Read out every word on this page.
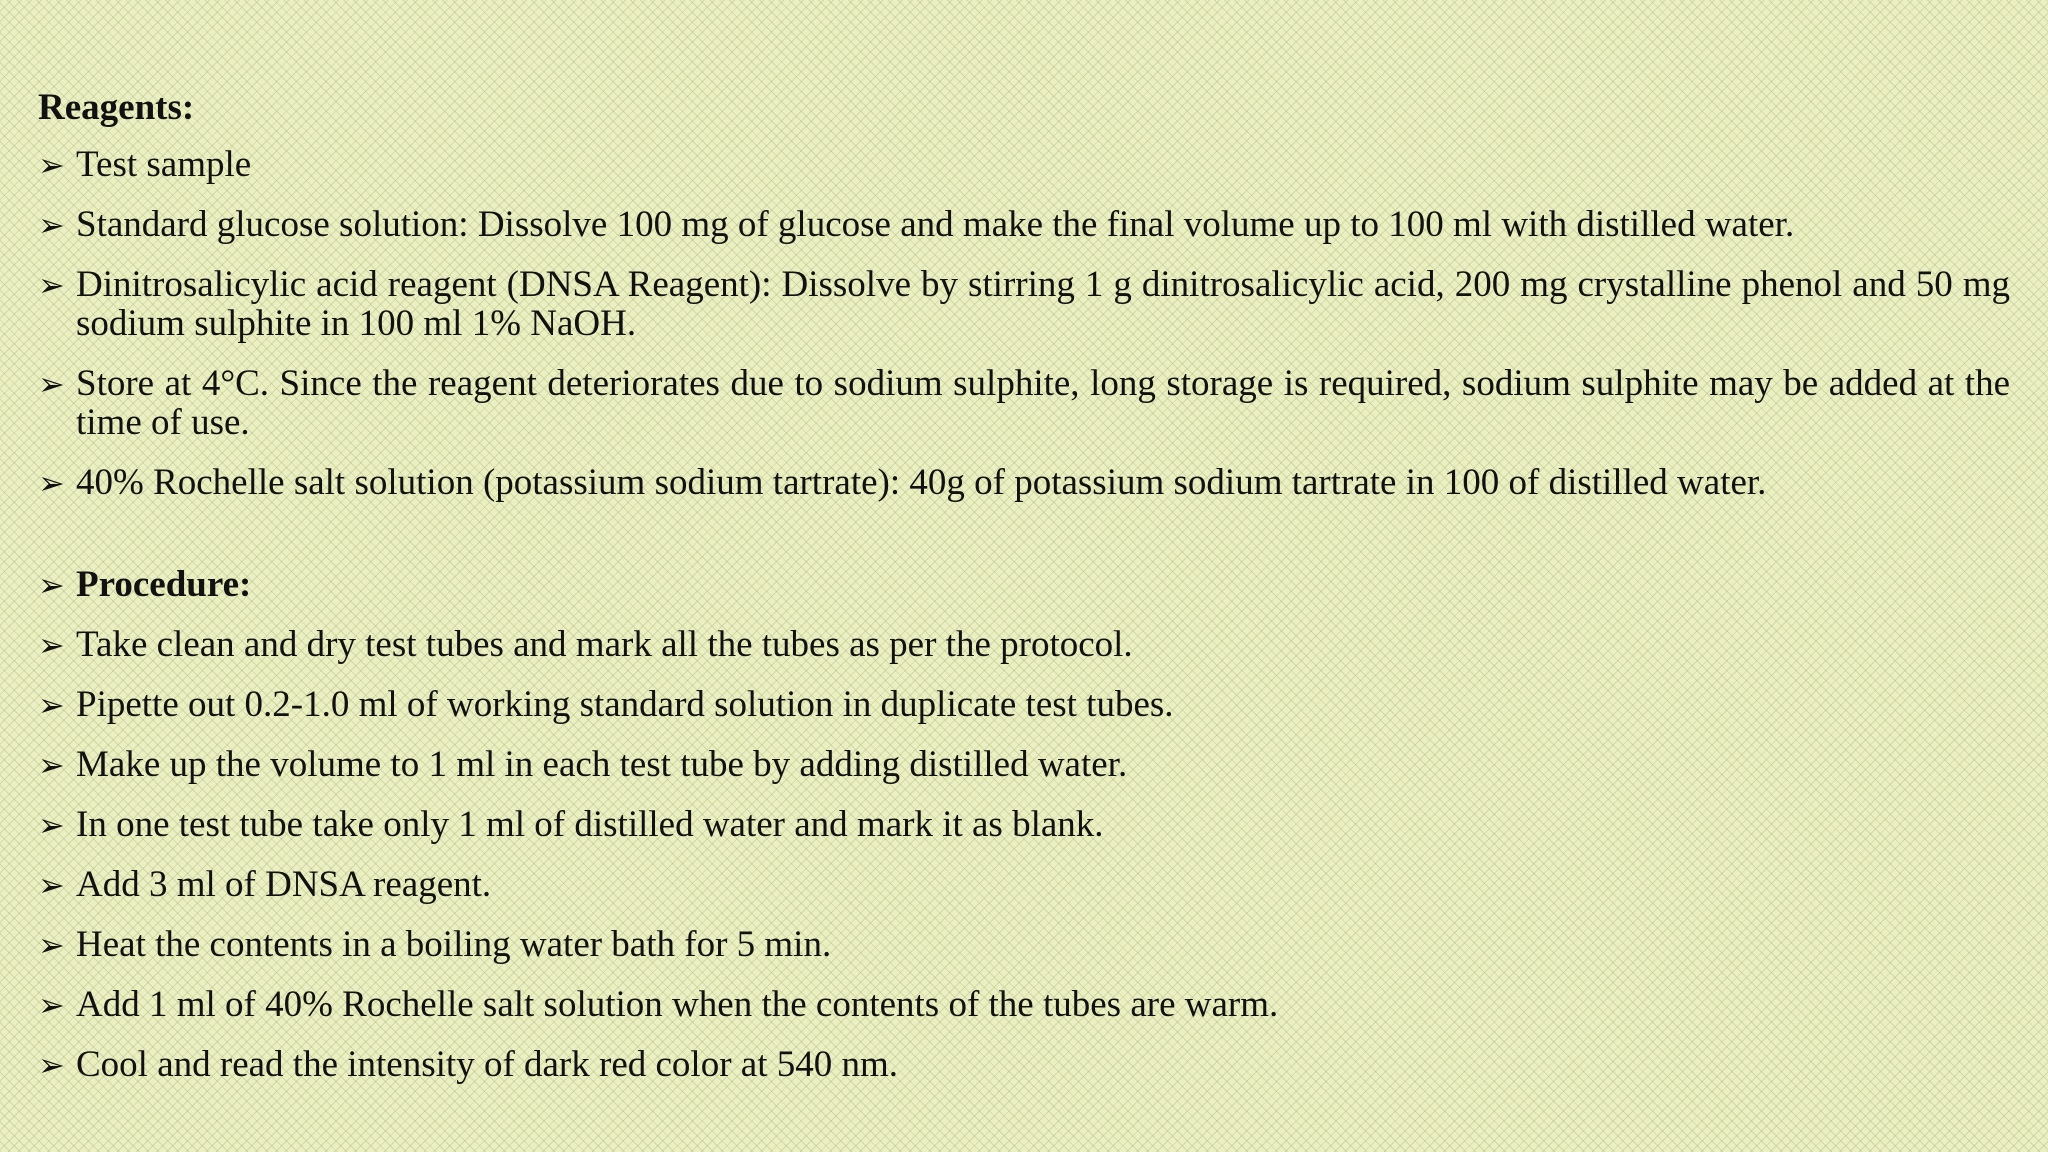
Reagents:
➢ Test sample
➢ Standard glucose solution: Dissolve 100 mg of glucose and make the final volume up to 100 ml with distilled water.
➢ Dinitrosalicylic acid reagent (DNSA Reagent): Dissolve by stirring 1 g dinitrosalicylic acid, 200 mg crystalline phenol and 50 mg sodium sulphite in 100 ml 1% NaOH.
➢ Store at 4°C. Since the reagent deteriorates due to sodium sulphite, long storage is required, sodium sulphite may be added at the time of use.
➢ 40% Rochelle salt solution (potassium sodium tartrate): 40g of potassium sodium tartrate in 100 of distilled water.
➢ Procedure:
➢ Take clean and dry test tubes and mark all the tubes as per the protocol.
➢ Pipette out 0.2-1.0 ml of working standard solution in duplicate test tubes.
➢ Make up the volume to 1 ml in each test tube by adding distilled water.
➢ In one test tube take only 1 ml of distilled water and mark it as blank.
➢ Add 3 ml of DNSA reagent.
➢ Heat the contents in a boiling water bath for 5 min.
➢ Add 1 ml of 40% Rochelle salt solution when the contents of the tubes are warm.
➢ Cool and read the intensity of dark red color at 540 nm.
